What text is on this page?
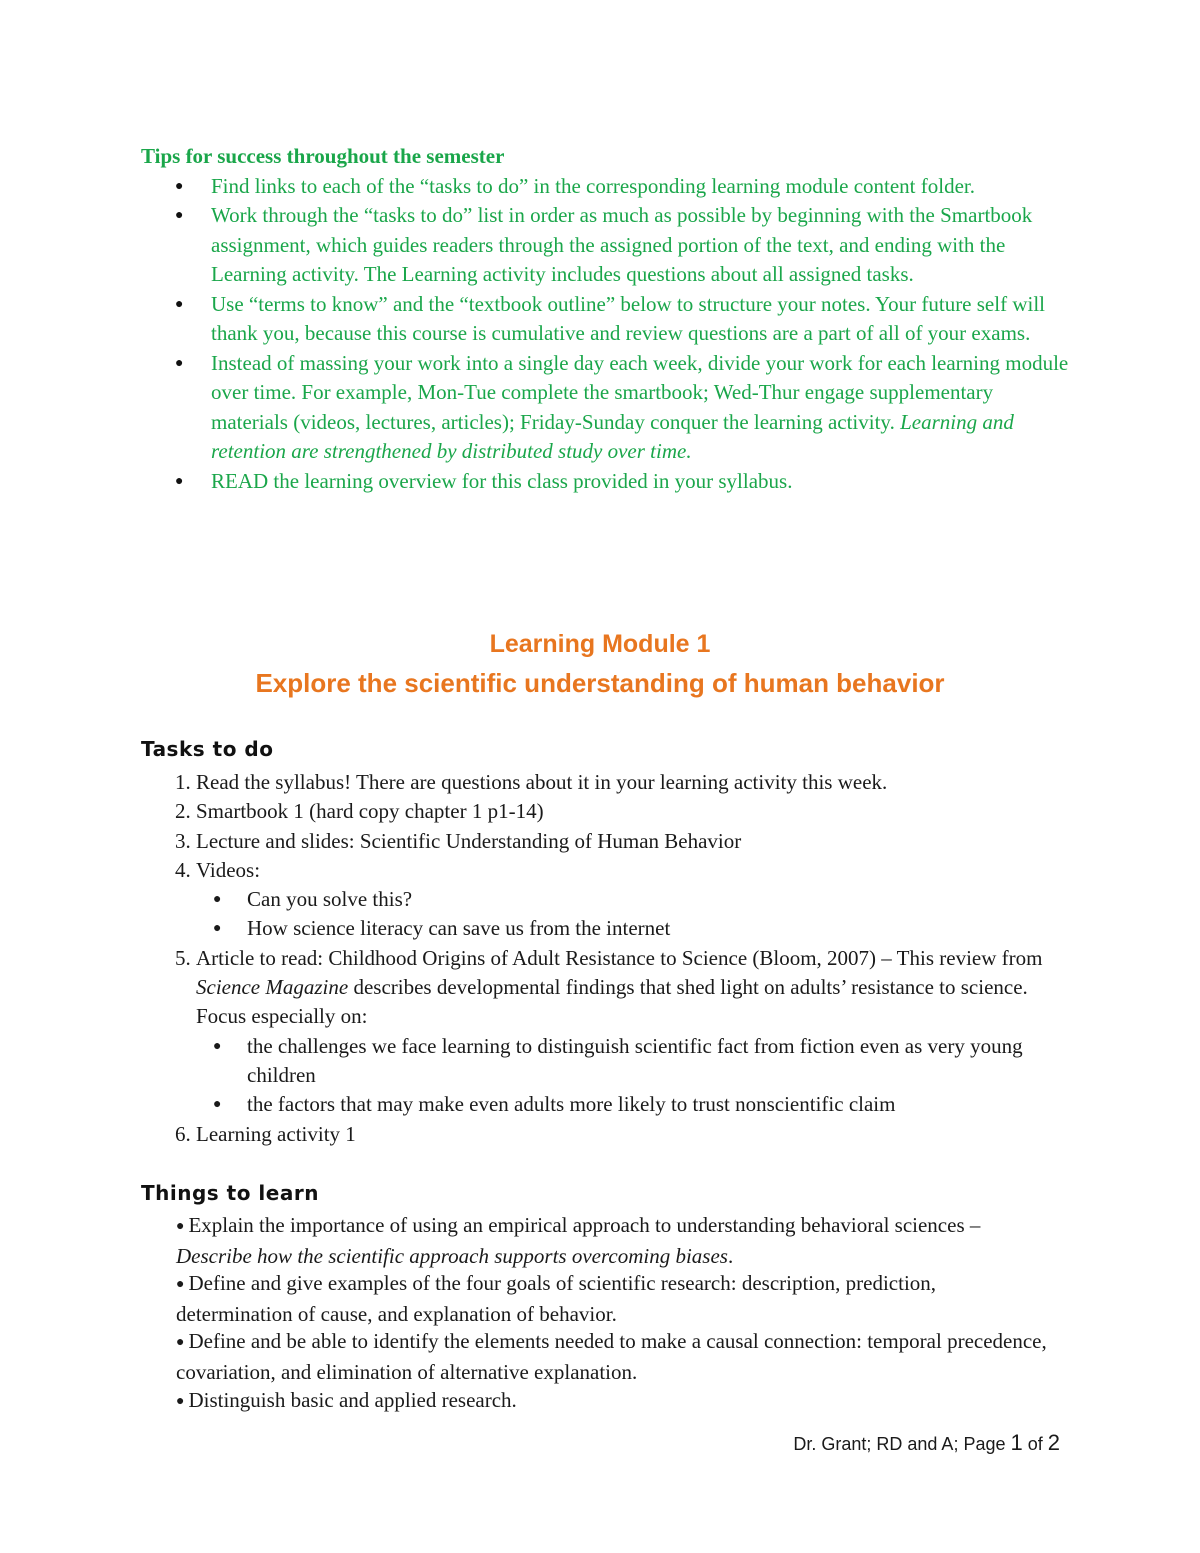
Tips for success throughout the semester
● Find links to each of the “tasks to do” in the corresponding learning module content folder.
● Work through the “tasks to do” list in order as much as possible by beginning with the Smartbook assignment, which guides readers through the assigned portion of the text, and ending with the Learning activity. The Learning activity includes questions about all assigned tasks.
● Use “terms to know” and the “textbook outline” below to structure your notes. Your future self will thank you, because this course is cumulative and review questions are a part of all of your exams.
● Instead of massing your work into a single day each week, divide your work for each learning module over time. For example, Mon-Tue complete the smartbook; Wed-Thur engage supplementary materials (videos, lectures, articles); Friday-Sunday conquer the learning activity. Learning and retention are strengthened by distributed study over time.
● READ the learning overview for this class provided in your syllabus.
Learning Module 1
Explore the scientific understanding of human behavior
Tasks to do
1. Read the syllabus! There are questions about it in your learning activity this week.
2. Smartbook 1 (hard copy chapter 1 p1-14)
3. Lecture and slides: Scientific Understanding of Human Behavior
4. Videos:
● Can you solve this?
● How science literacy can save us from the internet
5. Article to read: Childhood Origins of Adult Resistance to Science (Bloom, 2007) – This review from Science Magazine describes developmental findings that shed light on adults’ resistance to science. Focus especially on:
● the challenges we face learning to distinguish scientific fact from fiction even as very young children
● the factors that may make even adults more likely to trust nonscientific claim
6. Learning activity 1
Things to learn
● Explain the importance of using an empirical approach to understanding behavioral sciences – Describe how the scientific approach supports overcoming biases.
● Define and give examples of the four goals of scientific research: description, prediction, determination of cause, and explanation of behavior.
● Define and be able to identify the elements needed to make a causal connection: temporal precedence, covariation, and elimination of alternative explanation.
● Distinguish basic and applied research.
Dr. Grant; RD and A; Page 1 of 2
